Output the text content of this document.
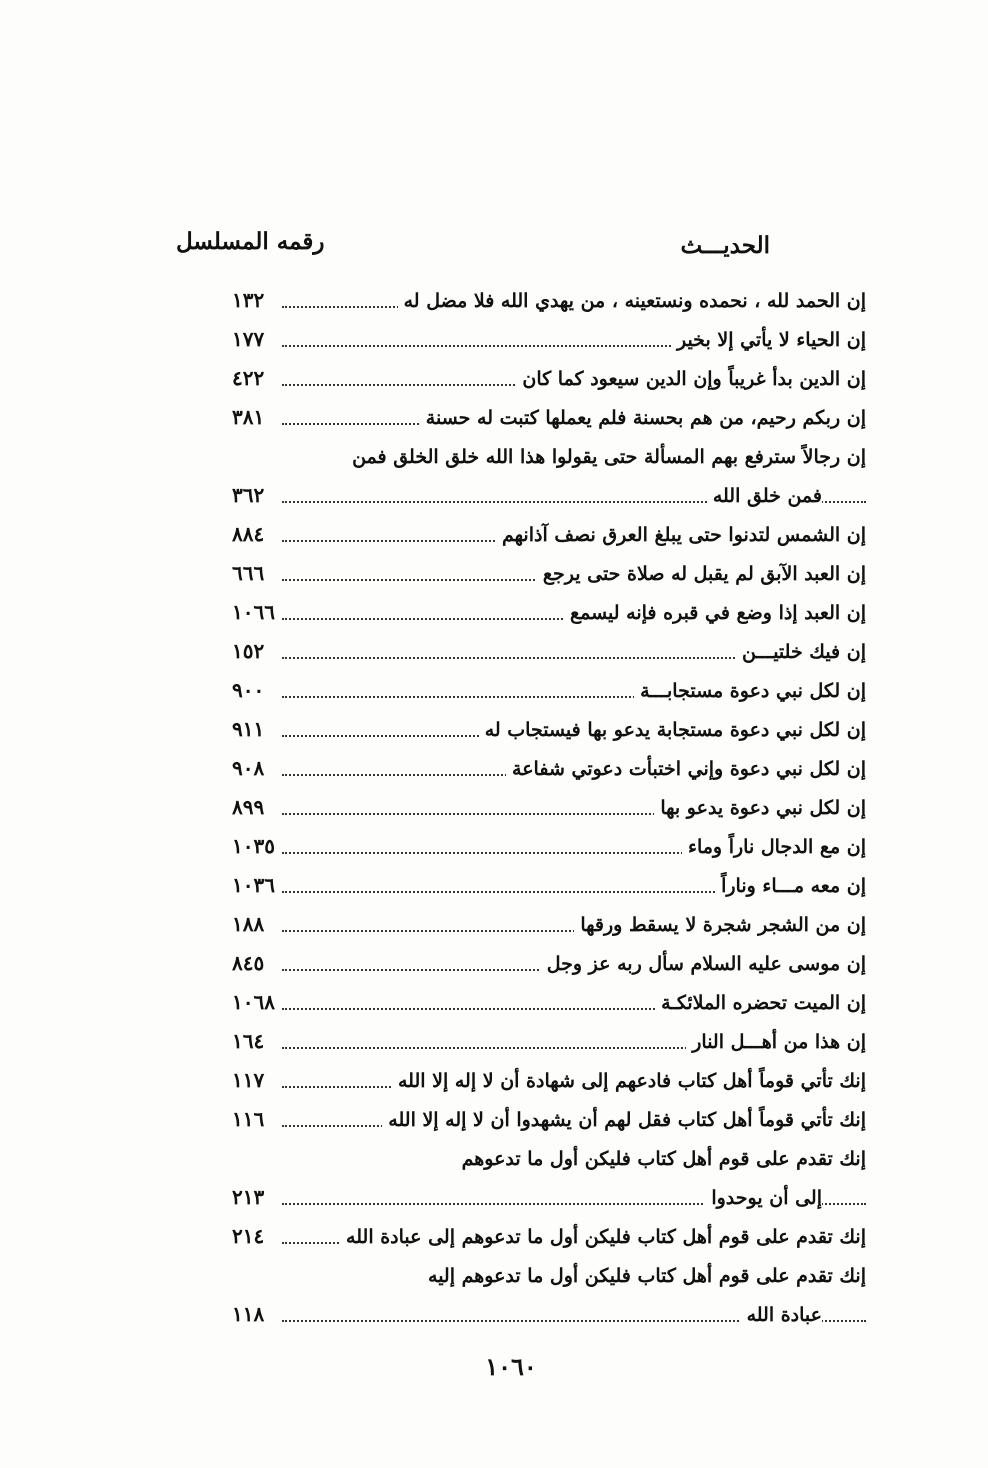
رقمه المسلسل	الحديـــث
إن الحمد لله ، نحمده ونستعينه ، من يهدي الله فلا مضل له
١٣٢
إن الحياء لا يأتي إلا بخير
١٧٧
إن الدين بدأ غريباً وإن الدين سيعود كما كان
٤٢٢
إن ربكم رحيم، من هم بحسنة فلم يعملها كتبت له حسنة
٣٨١
إن رجالاً سترفع بهم المسألة حتى يقولوا هذا الله خلق الخلق فمن
فمن خلق الله
٣٦٢
إن الشمس لتدنوا حتى يبلغ العرق نصف آذانهم
٨٨٤
إن العبد الآبق لم يقبل له صلاة حتى يرجع
٦٦٦
إن العبد إذا وضع في قبره فإنه ليسمع
١٠٦٦
إن فيك خلتيـــن
١٥٢
إن لكل نبي دعوة مستجابـــة
٩٠٠
إن لكل نبي دعوة مستجابة يدعو بها فيستجاب له
٩١١
إن لكل نبي دعوة وإني اختبأت دعوتي شفاعة
٩٠٨
إن لكل نبي دعوة يدعو بها
٨٩٩
إن مع الدجال ناراً وماء
١٠٣٥
إن معه مـــاء وناراً
١٠٣٦
إن من الشجر شجرة لا يسقط ورقها
١٨٨
إن موسى عليه السلام سأل ربه عز وجل
٨٤٥
إن الميت تحضره الملائكـة
١٠٦٨
إن هذا من أهـــل النار
١٦٤
إنك تأتي قوماً أهل كتاب فادعهم إلى شهادة أن لا إله إلا الله
١١٧
إنك تأتي قوماً أهل كتاب فقل لهم أن يشهدوا أن لا إله إلا الله
١١٦
إنك تقدم على قوم أهل كتاب فليكن أول ما تدعوهم
إلى أن يوحدوا
٢١٣
إنك تقدم على قوم أهل كتاب فليكن أول ما تدعوهم إلى عبادة الله
٢١٤
إنك تقدم على قوم أهل كتاب فليكن أول ما تدعوهم إليه
عبادة الله
١١٨
١٠٦٠
